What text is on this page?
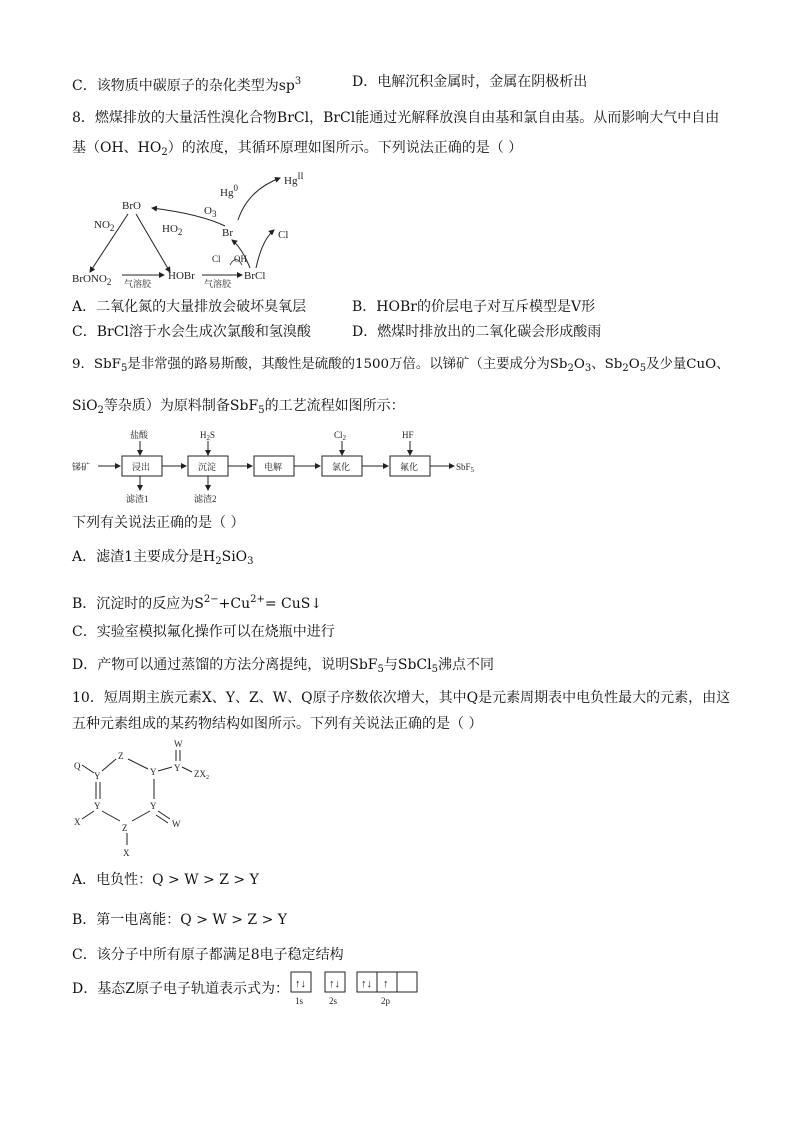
C．该物质中碳原子的杂化类型为$sp^3$	D．电解沉积金属时，金属在阴极析出
8．燃煤排放的大量活性溴化合物BrCl，BrCl能通过光解释放溴自由基和氯自由基。从而影响大气中自由
基（OH、$HO_2$）的浓度，其循环原理如图所示。下列说法正确的是（ ）
Hg$^0$
$Hg^{II}$
BrO	$O_3$
Br
$NO_2$	$HO_2$	Cl
BrONO$_2$ 气溶胶
HOBr
Cl OH
气溶胶
BrCl
A．二氧化氮的大量排放会破坏臭氧层	B．HOBr的价层电子对互斥模型是V形
C．BrCl溶于水会生成次氯酸和氢溴酸	D．燃煤时排放出的二氧化碳会形成酸雨
9．SbF$_5$是非常强的路易斯酸，其酸性是硫酸的1500万倍。以锑矿（主要成分为$Sb_2O_3$、$Sb_2O_5$及少量CuO、
SiO$_2$等杂质）为原料制备SbF$_5$的工艺流程如图所示：
锑矿
盐酸
浸出
滤渣1
$H_2S$
沉淀
滤渣2
电解
$Cl_2$
氯化
HF
氟化	SbF$_5$
下列有关说法正确的是（ ）
A．滤渣1主要成分是$H_2SiO_3$
B．沉淀时的反应为$S^{2-}+Cu^{2+}=$ CuS↓
C．实验室模拟氟化操作可以在烧瓶中进行
D．产物可以通过蒸馏的方法分离提纯，说明SbF$_5$与SbCl$_5$沸点不同
10．短周期主族元素X、Y、Z、W、Q原子序数依次增大，其中Q是元素周期表中电负性最大的元素，由这
五种元素组成的某药物结构如图所示。下列有关说法正确的是（ ）
W
Q
Z
Y	Y Y
$ZX_2$
Y	Y
X
Z
X
W
A．电负性：Q > W > Z > Y
B．第一电离能：Q > W > Z > Y
C．该分子中所有原子都满足8电子稳定结构
D．基态Z原子电子轨道表示式为： ↑↓
1s
↑↓
2s
↑↓ ↑
2p
